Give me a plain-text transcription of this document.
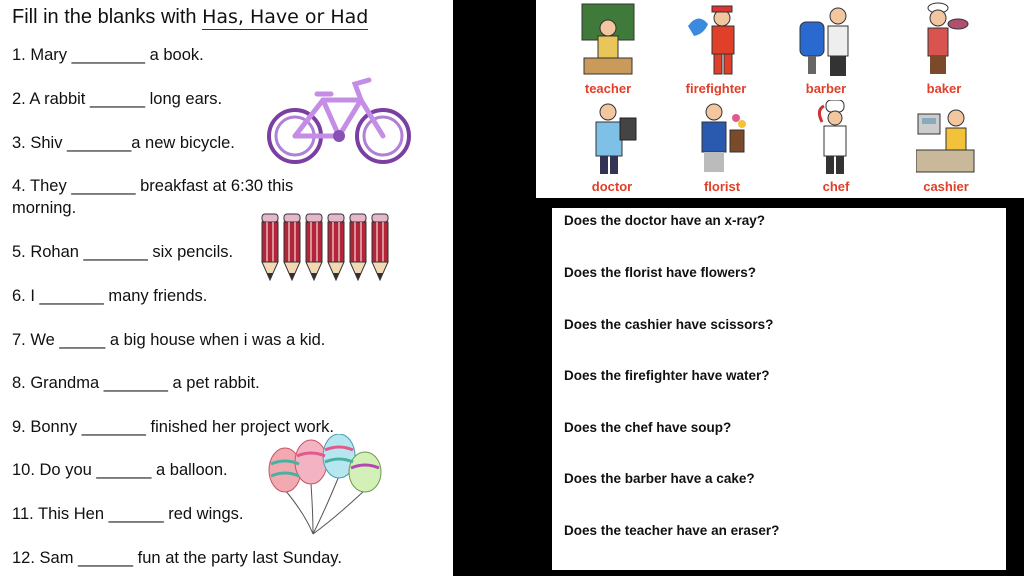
Fill in the blanks with Has, Have or Had
1. Mary ________ a book.
2. A rabbit ______ long ears.
3. Shiv _______a new bicycle.
4. They _______ breakfast at 6:30 this morning.
5. Rohan _______ six pencils.
6. I _______ many friends.
7. We _____ a big house when i was a kid.
8. Grandma _______ a pet rabbit.
9. Bonny _______ finished her project work.
10. Do you ______ a balloon.
11. This Hen ______ red wings.
12. Sam ______ fun at the party last Sunday.
teacher	firefighter	barber	baker
doctor	florist	chef	cashier
Does the doctor have an x-ray?
Does the florist have flowers?
Does the cashier have scissors?
Does the firefighter have water?
Does the chef have soup?
Does the barber have a cake?
Does the teacher have an eraser?
